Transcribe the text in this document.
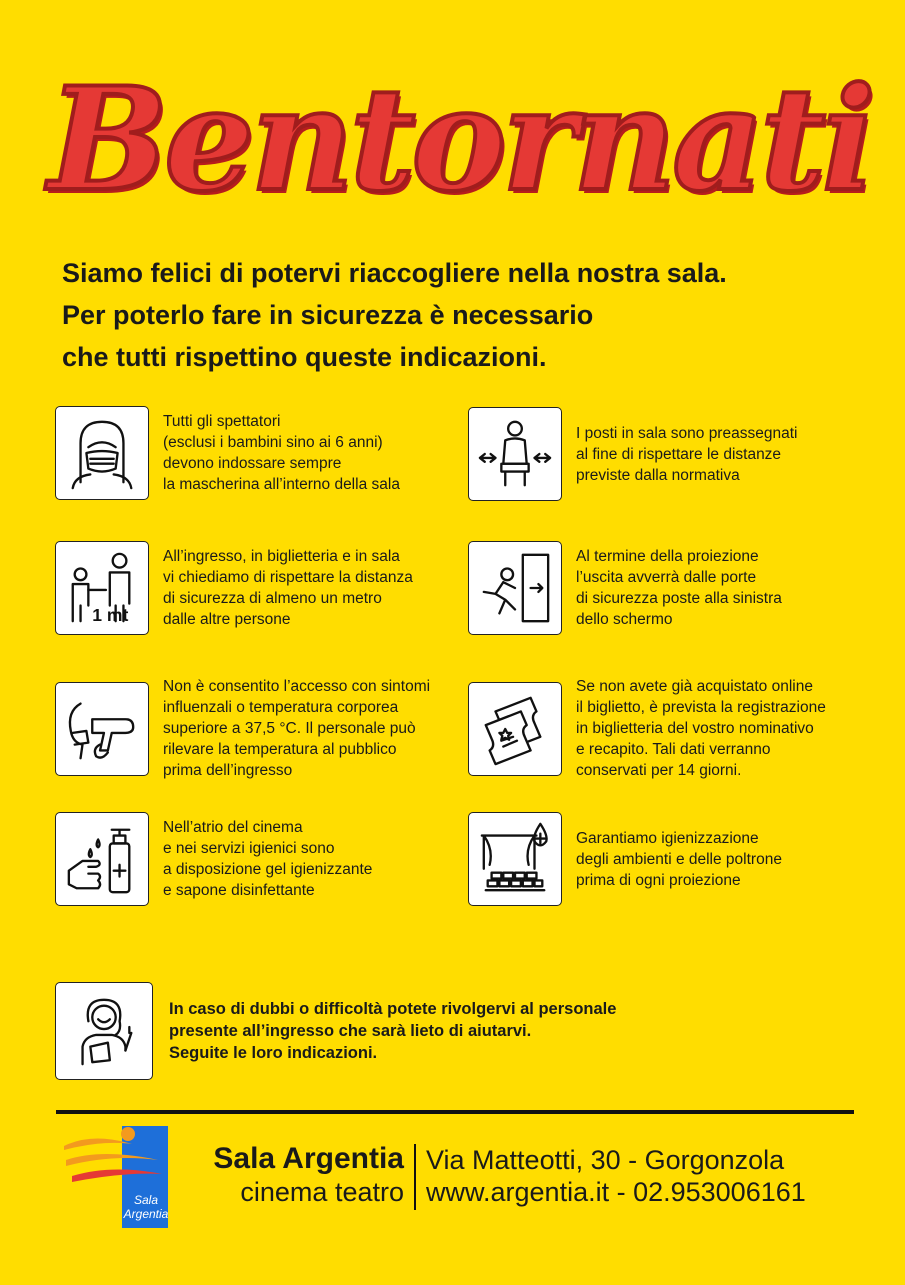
Bentornati
Siamo felici di potervi riaccogliere nella nostra sala.
Per poterlo fare in sicurezza è necessario
che tutti rispettino queste indicazioni.
Tutti gli spettatori
(esclusi i bambini sino ai 6 anni)
devono indossare sempre
la mascherina all’interno della sala
I posti in sala sono preassegnati
al fine di rispettare le distanze
previste dalla normativa
1 mt
All’ingresso, in biglietteria e in sala
vi chiediamo di rispettare la distanza
di sicurezza di almeno un metro
dalle altre persone
Al termine della proiezione
l’uscita avverrà dalle porte
di sicurezza poste alla sinistra
dello schermo
Non è consentito l’accesso con sintomi
influenzali o temperatura corporea
superiore a 37,5 °C. Il personale può
rilevare la temperatura al pubblico
prima dell’ingresso
Se non avete già acquistato online
il biglietto, è prevista la registrazione
in biglietteria del vostro nominativo
e recapito. Tali dati verranno
conservati per 14 giorni.
Nell’atrio del cinema
e nei servizi igienici sono
a disposizione gel igienizzante
e sapone disinfettante
Garantiamo igienizzazione
degli ambienti e delle poltrone
prima di ogni proiezione
In caso di dubbi o difficoltà potete rivolgervi al personale
presente all’ingresso che sarà lieto di aiutarvi.
Seguite le loro indicazioni.
Sala
Argentia
Sala Argentia
cinema teatro
Via Matteotti, 30 - Gorgonzola
www.argentia.it - 02.953006161
